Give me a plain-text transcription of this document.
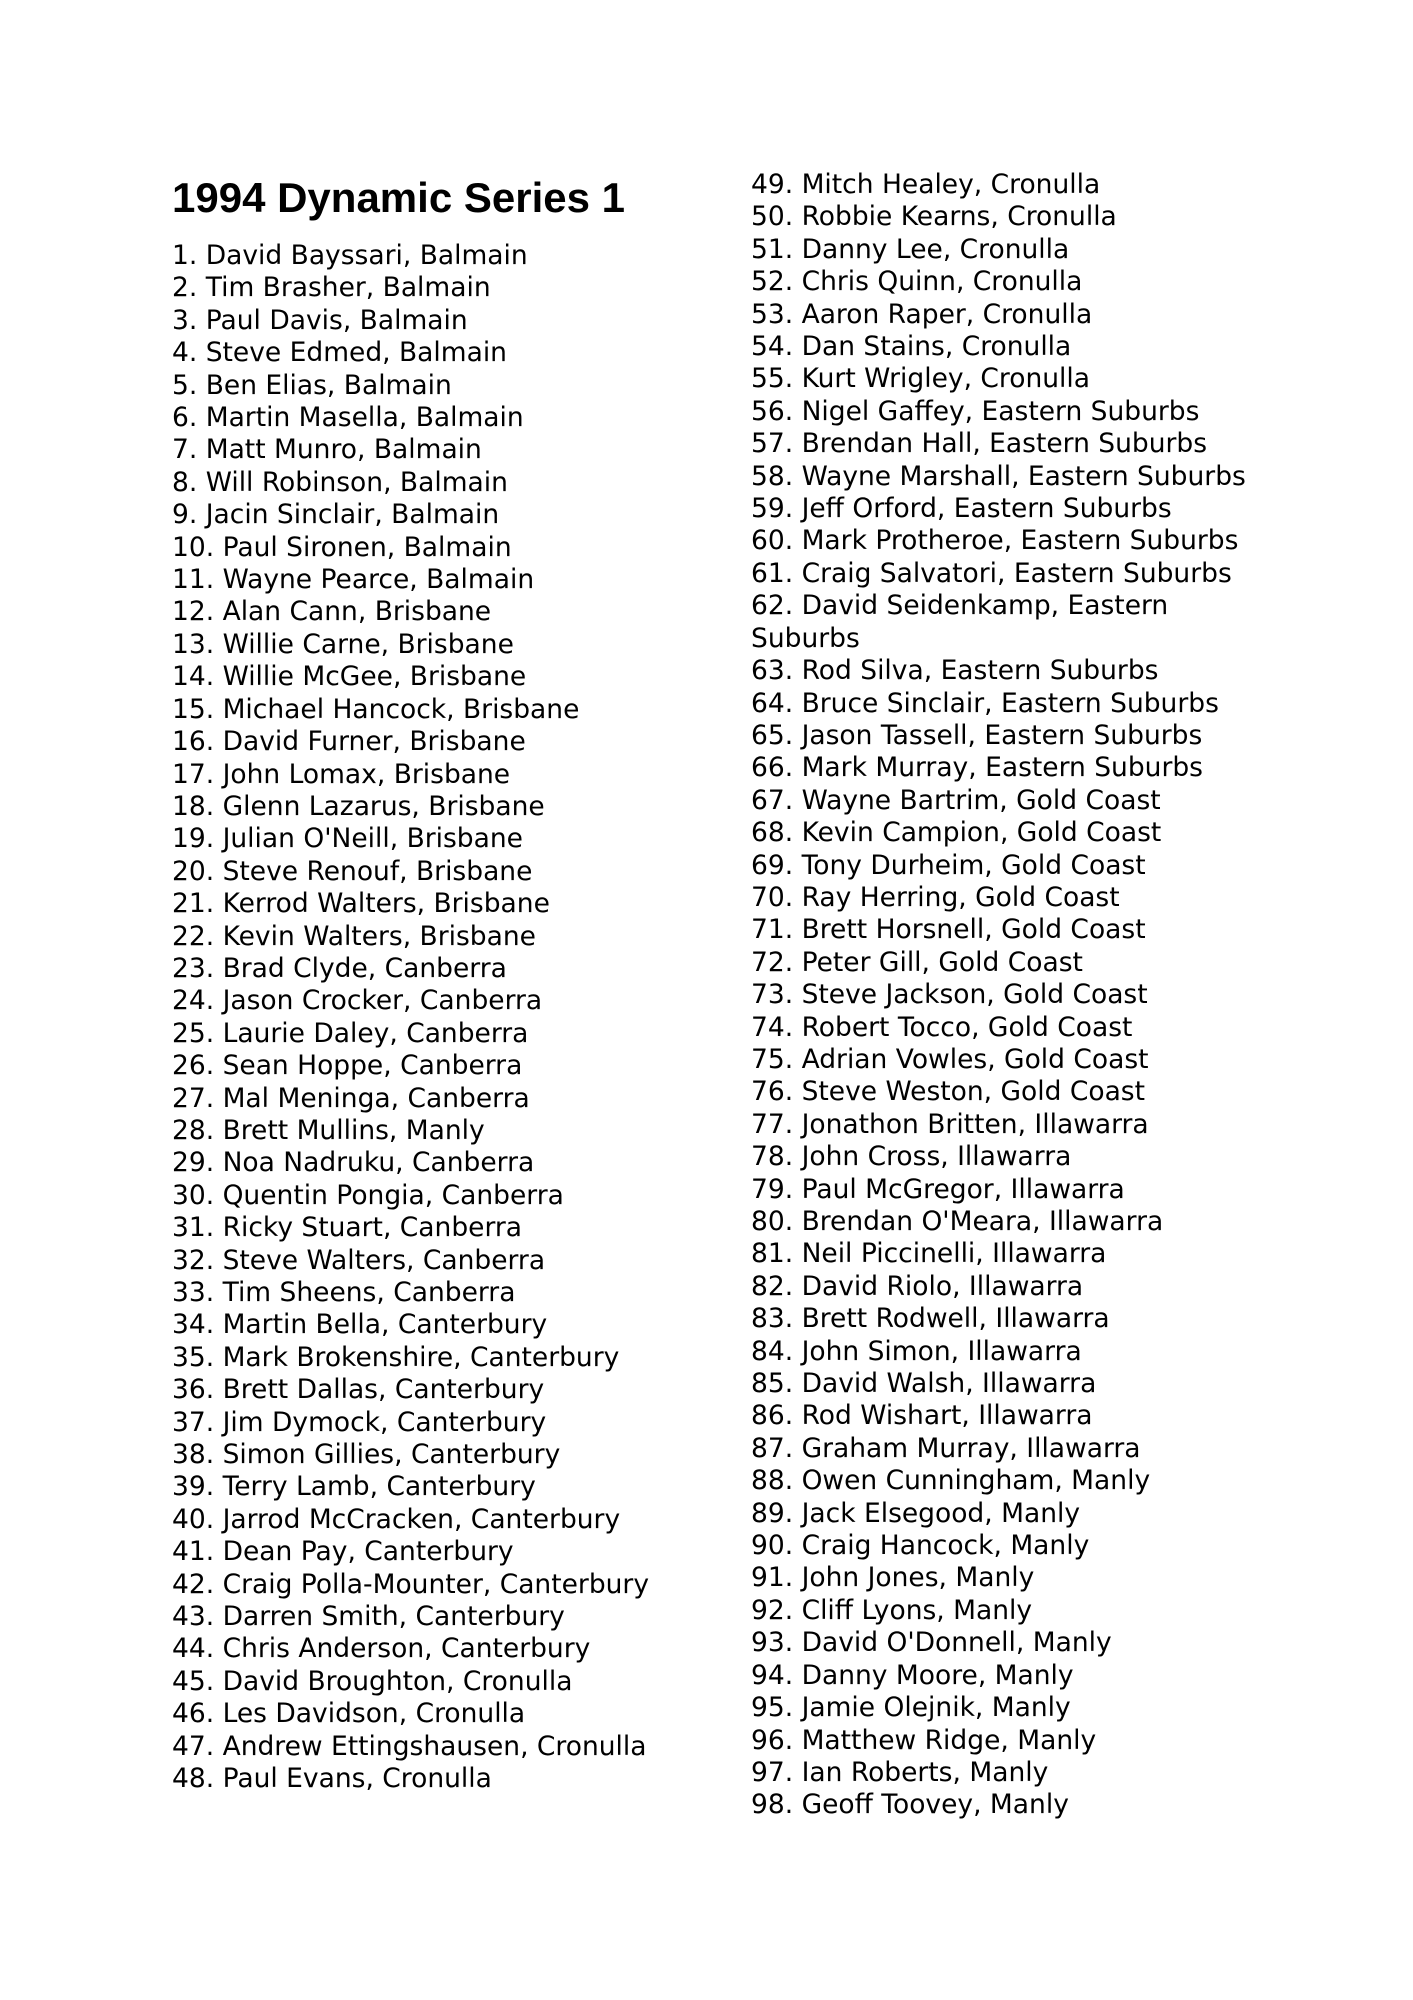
1994 Dynamic Series 1
1. David Bayssari, Balmain
2. Tim Brasher, Balmain
3. Paul Davis, Balmain
4. Steve Edmed, Balmain
5. Ben Elias, Balmain
6. Martin Masella, Balmain
7. Matt Munro, Balmain
8. Will Robinson, Balmain
9. Jacin Sinclair, Balmain
10. Paul Sironen, Balmain
11. Wayne Pearce, Balmain
12. Alan Cann, Brisbane
13. Willie Carne, Brisbane
14. Willie McGee, Brisbane
15. Michael Hancock, Brisbane
16. David Furner, Brisbane
17. John Lomax, Brisbane
18. Glenn Lazarus, Brisbane
19. Julian O'Neill, Brisbane
20. Steve Renouf, Brisbane
21. Kerrod Walters, Brisbane
22. Kevin Walters, Brisbane
23. Brad Clyde, Canberra
24. Jason Crocker, Canberra
25. Laurie Daley, Canberra
26. Sean Hoppe, Canberra
27. Mal Meninga, Canberra
28. Brett Mullins, Manly
29. Noa Nadruku, Canberra
30. Quentin Pongia, Canberra
31. Ricky Stuart, Canberra
32. Steve Walters, Canberra
33. Tim Sheens, Canberra
34. Martin Bella, Canterbury
35. Mark Brokenshire, Canterbury
36. Brett Dallas, Canterbury
37. Jim Dymock, Canterbury
38. Simon Gillies, Canterbury
39. Terry Lamb, Canterbury
40. Jarrod McCracken, Canterbury
41. Dean Pay, Canterbury
42. Craig Polla-Mounter, Canterbury
43. Darren Smith, Canterbury
44. Chris Anderson, Canterbury
45. David Broughton, Cronulla
46. Les Davidson, Cronulla
47. Andrew Ettingshausen, Cronulla
48. Paul Evans, Cronulla
49. Mitch Healey, Cronulla
50. Robbie Kearns, Cronulla
51. Danny Lee, Cronulla
52. Chris Quinn, Cronulla
53. Aaron Raper, Cronulla
54. Dan Stains, Cronulla
55. Kurt Wrigley, Cronulla
56. Nigel Gaffey, Eastern Suburbs
57. Brendan Hall, Eastern Suburbs
58. Wayne Marshall, Eastern Suburbs
59. Jeff Orford, Eastern Suburbs
60. Mark Protheroe, Eastern Suburbs
61. Craig Salvatori, Eastern Suburbs
62. David Seidenkamp, Eastern Suburbs
63. Rod Silva, Eastern Suburbs
64. Bruce Sinclair, Eastern Suburbs
65. Jason Tassell, Eastern Suburbs
66. Mark Murray, Eastern Suburbs
67. Wayne Bartrim, Gold Coast
68. Kevin Campion, Gold Coast
69. Tony Durheim, Gold Coast
70. Ray Herring, Gold Coast
71. Brett Horsnell, Gold Coast
72. Peter Gill, Gold Coast
73. Steve Jackson, Gold Coast
74. Robert Tocco, Gold Coast
75. Adrian Vowles, Gold Coast
76. Steve Weston, Gold Coast
77. Jonathon Britten, Illawarra
78. John Cross, Illawarra
79. Paul McGregor, Illawarra
80. Brendan O'Meara, Illawarra
81. Neil Piccinelli, Illawarra
82. David Riolo, Illawarra
83. Brett Rodwell, Illawarra
84. John Simon, Illawarra
85. David Walsh, Illawarra
86. Rod Wishart, Illawarra
87. Graham Murray, Illawarra
88. Owen Cunningham, Manly
89. Jack Elsegood, Manly
90. Craig Hancock, Manly
91. John Jones, Manly
92. Cliff Lyons, Manly
93. David O'Donnell, Manly
94. Danny Moore, Manly
95. Jamie Olejnik, Manly
96. Matthew Ridge, Manly
97. Ian Roberts, Manly
98. Geoff Toovey, Manly
